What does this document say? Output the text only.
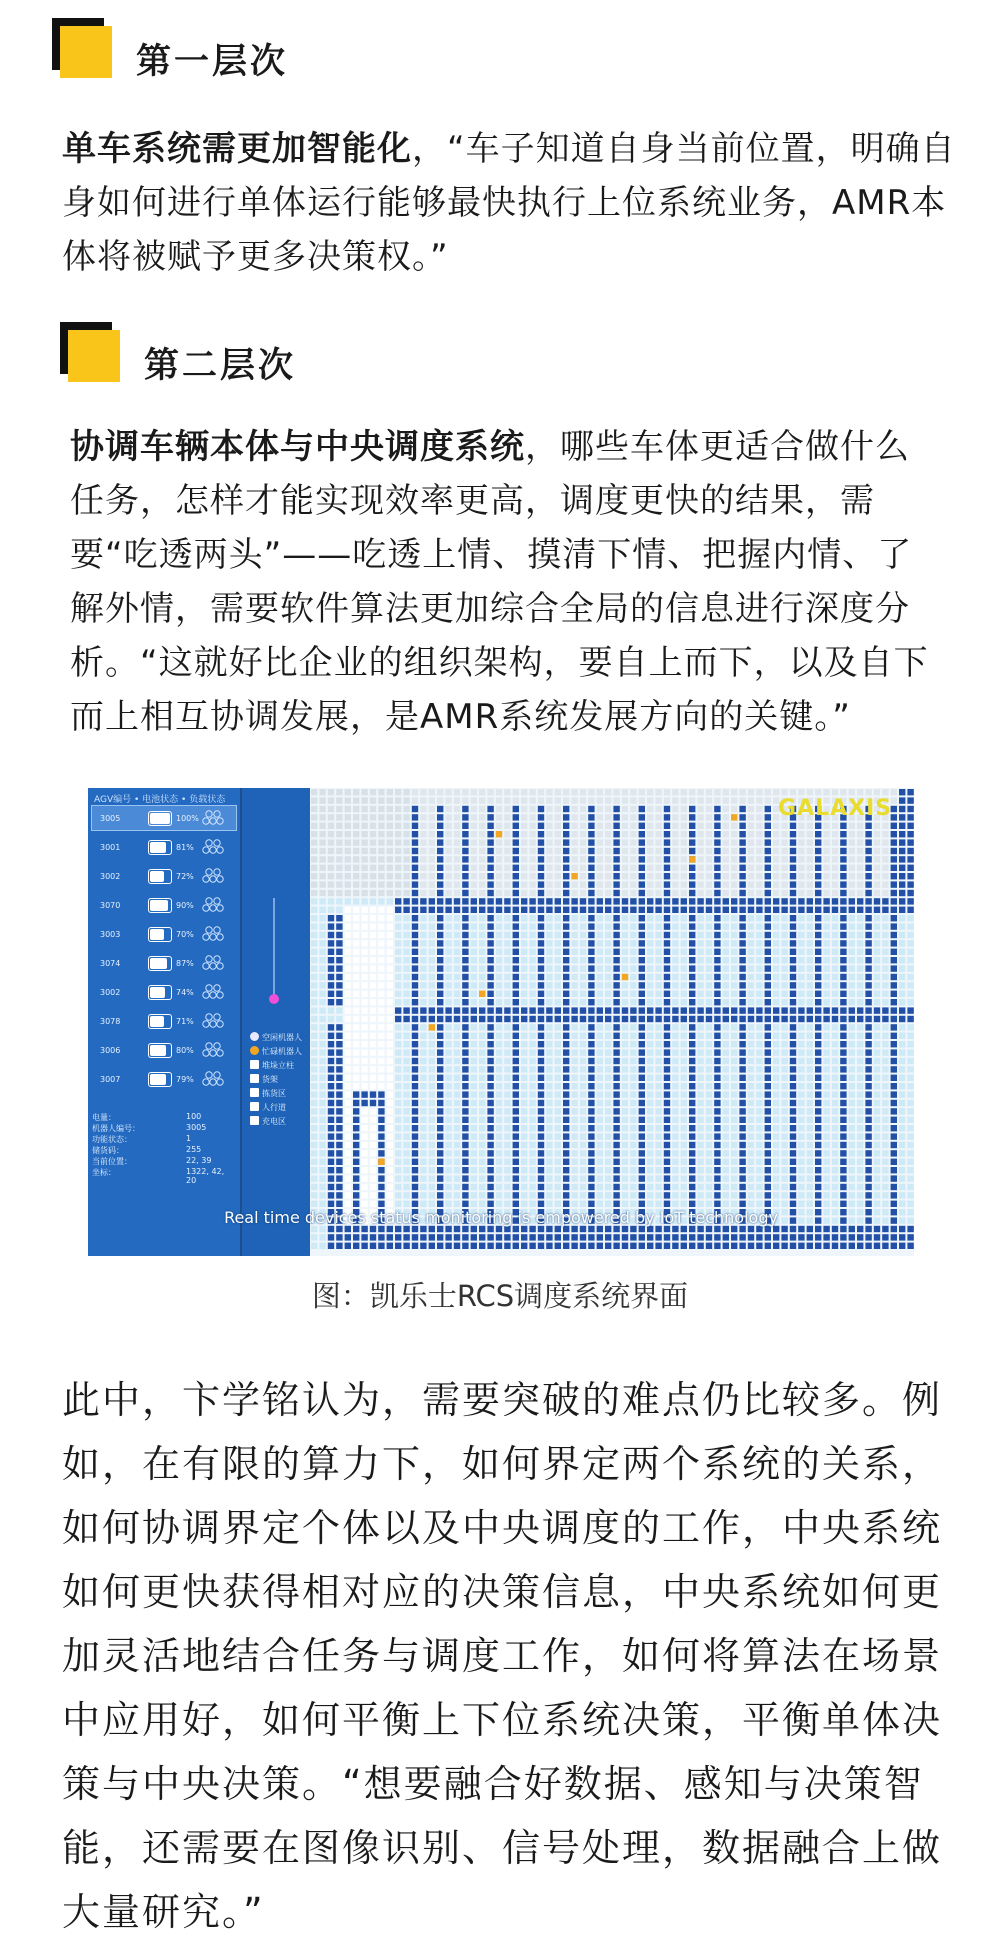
第一层次

单车系统需更加智能化，“车子知道自身当前位置，明确自身如何进行单体运行能够最快执行上位系统业务，AMR本体将被赋予更多决策权。”

第二层次

协调车辆本体与中央调度系统，哪些车体更适合做什么任务，怎样才能实现效率更高，调度更快的结果，需要“吃透两头”——吃透上情、摸清下情、把握内情、了解外情，需要软件算法更加综合全局的信息进行深度分析。“这就好比企业的组织架构，要自上而下，以及自下而上相互协调发展，是AMR系统发展方向的关键。”

AGV编号 • 电池状态 • 负载状态
3005	100%
3001	81%
3002	72%
3070	90%
3003	70%
3074	87%
3002	74%
3078	71%
3006	80%
3007	79%
电量：	100
机器人编号：	3005
功能状态：	1
储货码：	255
当前位置：	22, 39
坐标：	1322, 42, 20
空闲机器人
忙碌机器人
堆垛立柱
货架
拣货区
人行道
充电区
GALAXIS
Real time devices status monitoring is empowered by IoT technology
图：凯乐士RCS调度系统界面

此中，卞学铭认为，需要突破的难点仍比较多。例如，在有限的算力下，如何界定两个系统的关系，如何协调界定个体以及中央调度的工作，中央系统如何更快获得相对应的决策信息，中央系统如何更加灵活地结合任务与调度工作，如何将算法在场景中应用好，如何平衡上下位系统决策，平衡单体决策与中央决策。“想要融合好数据、感知与决策智能，还需要在图像识别、信号处理，数据融合上做大量研究。”
